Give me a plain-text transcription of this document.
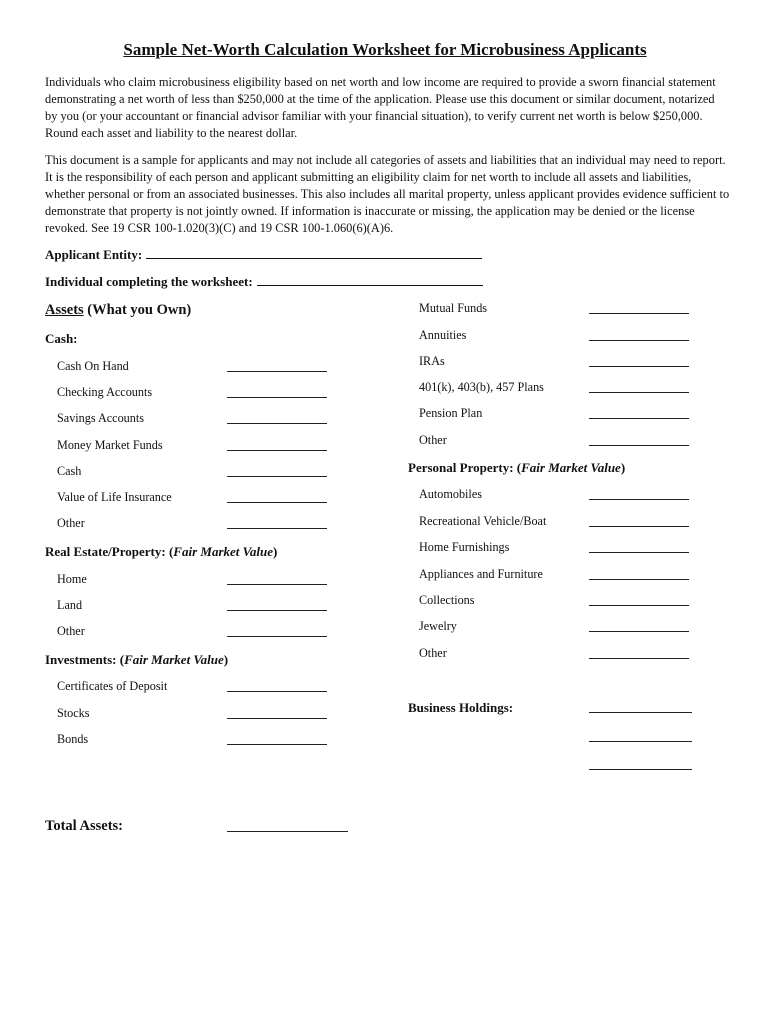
Sample Net-Worth Calculation Worksheet for Microbusiness Applicants

Individuals who claim microbusiness eligibility based on net worth and low income are required to provide a sworn financial statement demonstrating a net worth of less than $250,000 at the time of the application. Please use this document or similar document, notarized by you (or your accountant or financial advisor familiar with your financial situation), to verify current net worth is below $250,000. Round each asset and liability to the nearest dollar.

This document is a sample for applicants and may not include all categories of assets and liabilities that an individual may need to report. It is the responsibility of each person and applicant submitting an eligibility claim for net worth to include all assets and liabilities, whether personal or from an associated businesses. This also includes all marital property, unless applicant provides evidence sufficient to demonstrate that property is not jointly owned. If information is inaccurate or missing, the application may be denied or the license revoked. See 19 CSR 100-1.020(3)(C) and 19 CSR 100-1.060(6)(A)6.

Applicant Entity:
Individual completing the worksheet:
Assets (What you Own)
Cash:
Cash On Hand
Checking Accounts
Savings Accounts
Money Market Funds
Cash
Value of Life Insurance
Other
Real Estate/Property: (Fair Market Value)
Home
Land
Other
Investments: (Fair Market Value)
Certificates of Deposit
Stocks
Bonds
Total Assets:
Mutual Funds
Annuities
IRAs
401(k), 403(b), 457 Plans
Pension Plan
Other
Personal Property: (Fair Market Value)
Automobiles
Recreational Vehicle/Boat
Home Furnishings
Appliances and Furniture
Collections
Jewelry
Other
Business Holdings:
